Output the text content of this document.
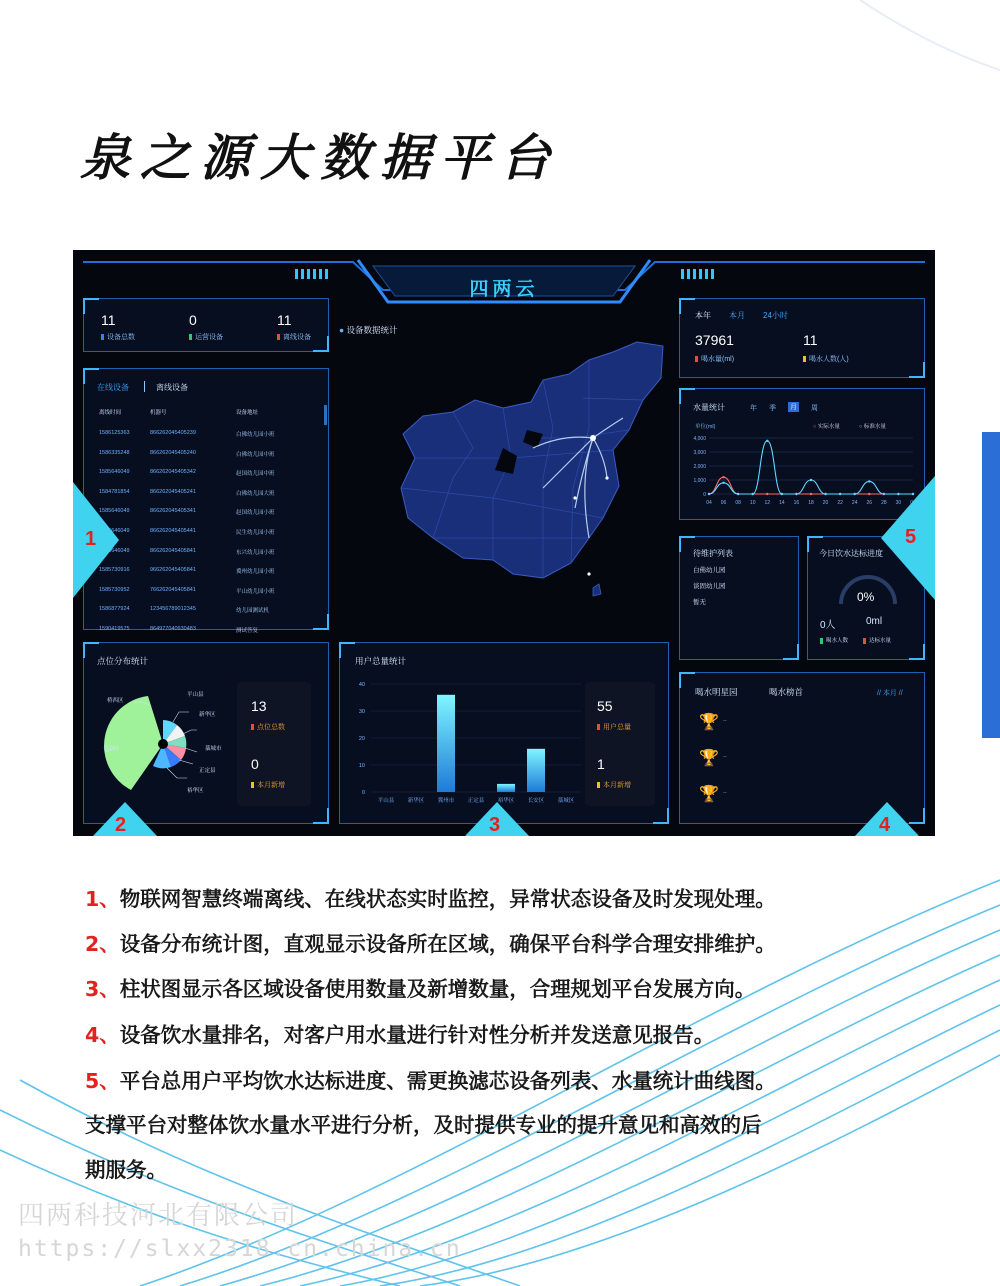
泉之源大数据平台
四两云
11
设备总数
0
运营设备
11
离线设备
在线设备	离线设备
离线时间	机器号	设备地址
1586125363	866262045405239	白佛幼儿园小班
1586335248	866262045405240	白佛幼儿园中班
1585646049	866262045405342	赵国幼儿园中班
1584781854	866262045405241	白佛幼儿园大班
1585646049	866262045405341	赵国幼儿园小班
1585646049	866262045405441	民生幼儿园小班
1585646049	866262045405841	东兴幼儿园小班
1585730916	966262045405841	冀州幼儿园小班
1585730952	766262045405841	平山幼儿园小班
1586877924	123456789012345	幼儿园测试机
1590419575	864977040930483	测试答复
● 设备数据统计
本年 本月 24小时
37961
喝水量(ml)
11
喝水人数(人)
水量统计	年 季 月 周
单位(ml)	○ 实际水量	○ 标准水量
0
1,000
2,000
3,000
4,000
04 06 08 10 12 14 16 18 20 22 24 26 28 30 01
待维护列表
白佛幼儿园
谈固幼儿园
暂无
今日饮水达标进度
0%
0人	0ml
喝水人数	达标水量
点位分布统计
桥西区
平山县
新华区
长安区	藁城市
正定县
裕华区
13
点位总数
0
本月新增
用户总量统计
0
10
20
30
40
平山县 新华区 冀州市 正定县 裕华区 长安区 藁城区
55
用户总量
1
本月新增
喝水明星园	喝水榜首	// 本月 //
🏆 --
🏆 --
🏆 --
1
2	3	4
5
1、物联网智慧终端离线、在线状态实时监控，异常状态设备及时发现处理。
2、设备分布统计图，直观显示设备所在区域，确保平台科学合理安排维护。
3、柱状图显示各区域设备使用数量及新增数量，合理规划平台发展方向。
4、设备饮水量排名，对客户用水量进行针对性分析并发送意见报告。
5、平台总用户平均饮水达标进度、需更换滤芯设备列表、水量统计曲线图。
支撑平台对整体饮水量水平进行分析，及时提供专业的提升意见和高效的后
期服务。
四两科技河北有限公司
https://slxx2318.cn.china.cn
